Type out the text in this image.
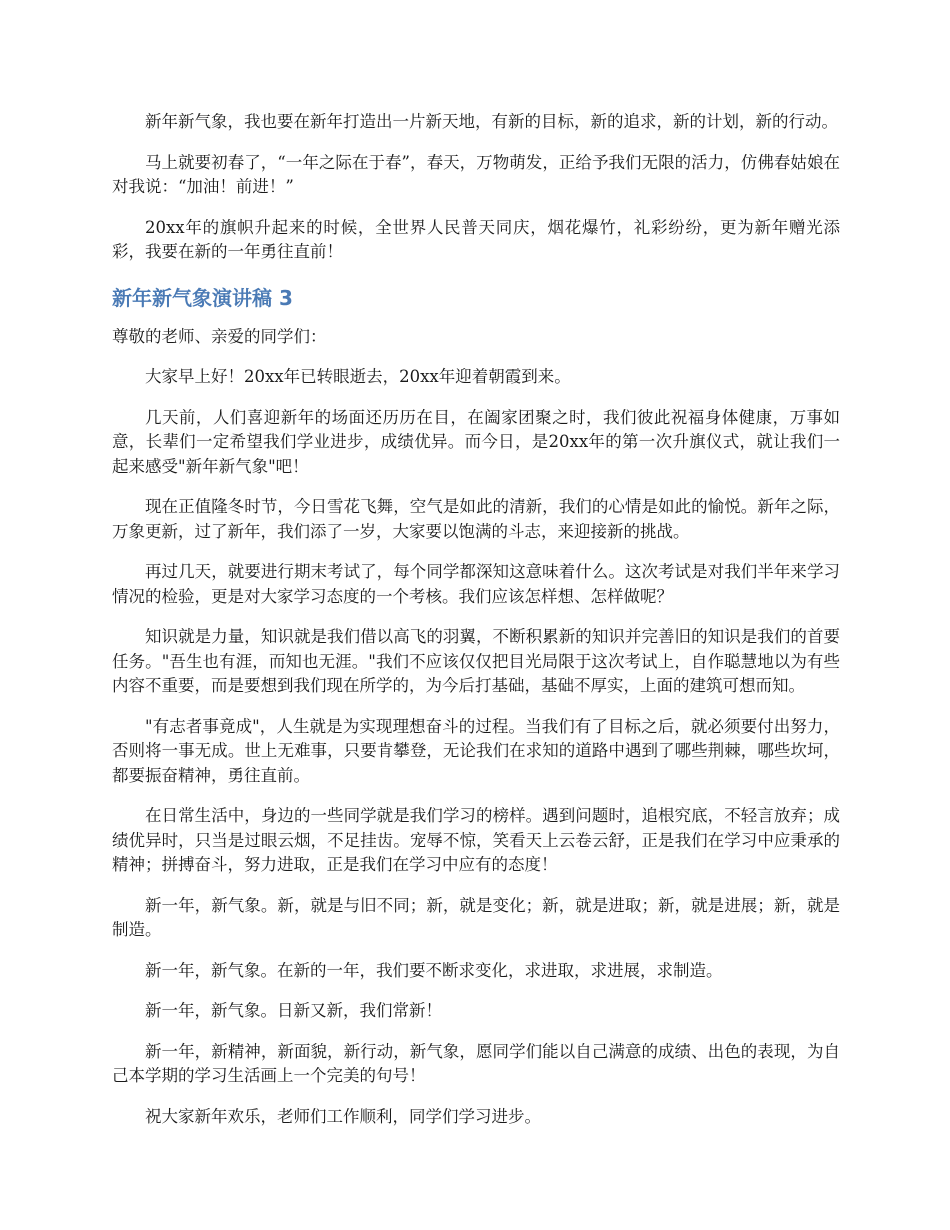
新年新气象，我也要在新年打造出一片新天地，有新的目标，新的追求，新的计划，新的行动。

马上就要初春了，“一年之际在于春”，春天，万物萌发，正给予我们无限的活力，仿佛春姑娘在对我说：“加油！前进！”

20xx年的旗帜升起来的时候，全世界人民普天同庆，烟花爆竹，礼彩纷纷，更为新年赠光添彩，我要在新的一年勇往直前！

新年新气象演讲稿 3

尊敬的老师、亲爱的同学们：

大家早上好！20xx年已转眼逝去，20xx年迎着朝霞到来。

几天前，人们喜迎新年的场面还历历在目，在阖家团聚之时，我们彼此祝福身体健康，万事如意，长辈们一定希望我们学业进步，成绩优异。而今日，是20xx年的第一次升旗仪式，就让我们一起来感受"新年新气象"吧！

现在正值隆冬时节，今日雪花飞舞，空气是如此的清新，我们的心情是如此的愉悦。新年之际，万象更新，过了新年，我们添了一岁，大家要以饱满的斗志，来迎接新的挑战。

再过几天，就要进行期末考试了，每个同学都深知这意味着什么。这次考试是对我们半年来学习情况的检验，更是对大家学习态度的一个考核。我们应该怎样想、怎样做呢？

知识就是力量，知识就是我们借以高飞的羽翼，不断积累新的知识并完善旧的知识是我们的首要任务。"吾生也有涯，而知也无涯。"我们不应该仅仅把目光局限于这次考试上，自作聪慧地以为有些内容不重要，而是要想到我们现在所学的，为今后打基础，基础不厚实，上面的建筑可想而知。

"有志者事竟成"，人生就是为实现理想奋斗的过程。当我们有了目标之后，就必须要付出努力，否则将一事无成。世上无难事，只要肯攀登，无论我们在求知的道路中遇到了哪些荆棘，哪些坎坷，都要振奋精神，勇往直前。

在日常生活中，身边的一些同学就是我们学习的榜样。遇到问题时，追根究底，不轻言放弃；成绩优异时，只当是过眼云烟，不足挂齿。宠辱不惊，笑看天上云卷云舒，正是我们在学习中应秉承的精神；拼搏奋斗，努力进取，正是我们在学习中应有的态度！

新一年，新气象。新，就是与旧不同；新，就是变化；新，就是进取；新，就是进展；新，就是制造。

新一年，新气象。在新的一年，我们要不断求变化，求进取，求进展，求制造。

新一年，新气象。日新又新，我们常新！

新一年，新精神，新面貌，新行动，新气象，愿同学们能以自己满意的成绩、出色的表现，为自己本学期的学习生活画上一个完美的句号！

祝大家新年欢乐，老师们工作顺利，同学们学习进步。
